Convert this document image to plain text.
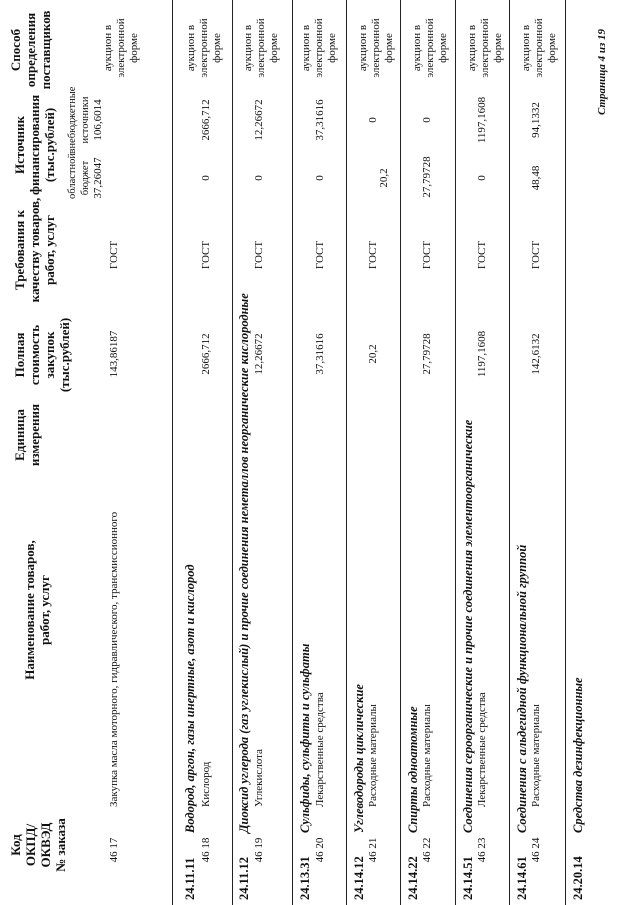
Код
ОКПД/
ОКВЭД
№ заказа
Наименование товаров,
работ, услуг
Единица
измерения
Полная
стоимость
закупок
(тыс.рублей)
Требования к
качеству товаров,
работ, услуг
Источник
финансирования
(тыс.рублей) областной
бюджет
внебюджетные
источники
Способ
определения
поставщиков
46 17
Закупка масла моторного, гидравлического, трансмиссионного
143,86187
ГОСТ
37,26047
106,6014
аукцион в
электронной
форме
24.11.11
Водород, аргон, газы инертные, азот и кислород
46 18
Кислород
2666,712
ГОСТ
0
2666,712
аукцион в
электронной
форме
24.11.12
Диоксид углерода (газ углекислый) и прочие соединения неметаллов неорганические кислородные
46 19
Углекислота
12,26672
ГОСТ
0
12,26672
аукцион в
электронной
форме
24.13.31
Сульфиды, сульфиты и сульфаты
46 20
Лекарственные средства
37,31616
ГОСТ
0
37,31616
аукцион в
электронной
форме
24.14.12
Углеводороды циклические
46 21
Расходные материалы
20,2
ГОСТ
20,2
0
аукцион в
электронной
форме
24.14.22
Спирты одноатомные
46 22
Расходные материалы
27,79728
ГОСТ
27,79728
0
аукцион в
электронной
форме
24.14.51
Соединения сероорганические и прочие соединения элементоорганические
46 23
Лекарственные средства
1197,1608
ГОСТ
0
1197,1608
аукцион в
электронной
форме
24.14.61
Соединения с альдегидной функциональной группой
46 24
Расходные материалы
142,6132
ГОСТ
48,48
94,1332
аукцион в
электронной
форме
24.20.14
Средства дезинфекционные
Страница 4 из 19
